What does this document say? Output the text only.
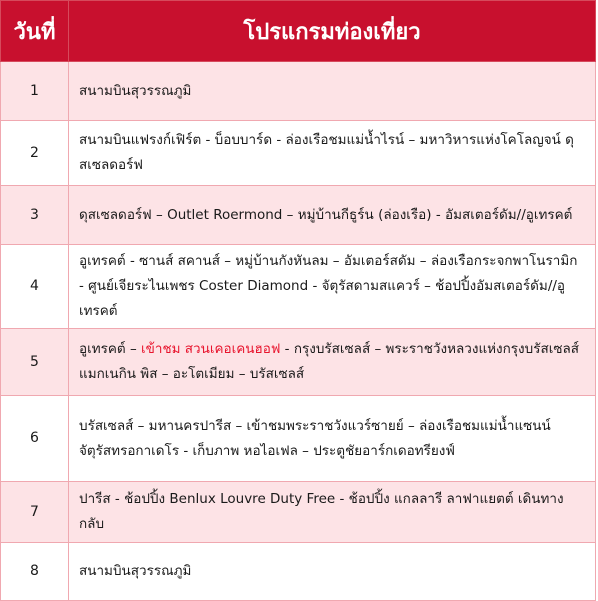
วันที่	โปรแกรมท่องเที่ยว
1	สนามบินสุวรรณภูมิ
2	สนามบินแฟรงก์เฟิร์ต - บ็อบบาร์ด - ล่องเรือชมแม่น้ำไรน์ – มหาวิหารแห่งโคโลญจน์ ดุสเซลดอร์ฟ
3	ดุสเซลดอร์ฟ – Outlet Roermond – หมู่บ้านกีธูร์น (ล่องเรือ) - อัมสเตอร์ดัม//อูเทรคต์
4	อูเทรคต์ - ซานส์ สคานส์ – หมู่บ้านกังหันลม – อัมเตอร์สดัม – ล่องเรือกระจกพาโนรามิก - ศูนย์เจียระไนเพชร Coster Diamond - จัตุรัสดามสแควร์ – ช้อปปิ้งอัมสเตอร์ดัม//อูเทรคต์
5	อูเทรคต์ – เข้าชม สวนเคอเคนฮอฟ - กรุงบรัสเซลส์ – พระราชวังหลวงแห่งกรุงบรัสเซลส์แมกเนกิน พิส – อะโตเมียม – บรัสเซลส์
6	บรัสเซลส์ – มหานครปารีส – เข้าชมพระราชวังแวร์ซายย์ – ล่องเรือชมแม่น้ำแซนน์ จัตุรัสทรอกาเดโร - เก็บภาพ หอไอเฟล – ประตูชัยอาร์กเดอทรียงฟ์
7	ปารีส - ช้อปปิ้ง Benlux Louvre Duty Free - ช้อปปิ้ง แกลลารี ลาฟาแยตต์ เดินทางกลับ
8	สนามบินสุวรรณภูมิ
